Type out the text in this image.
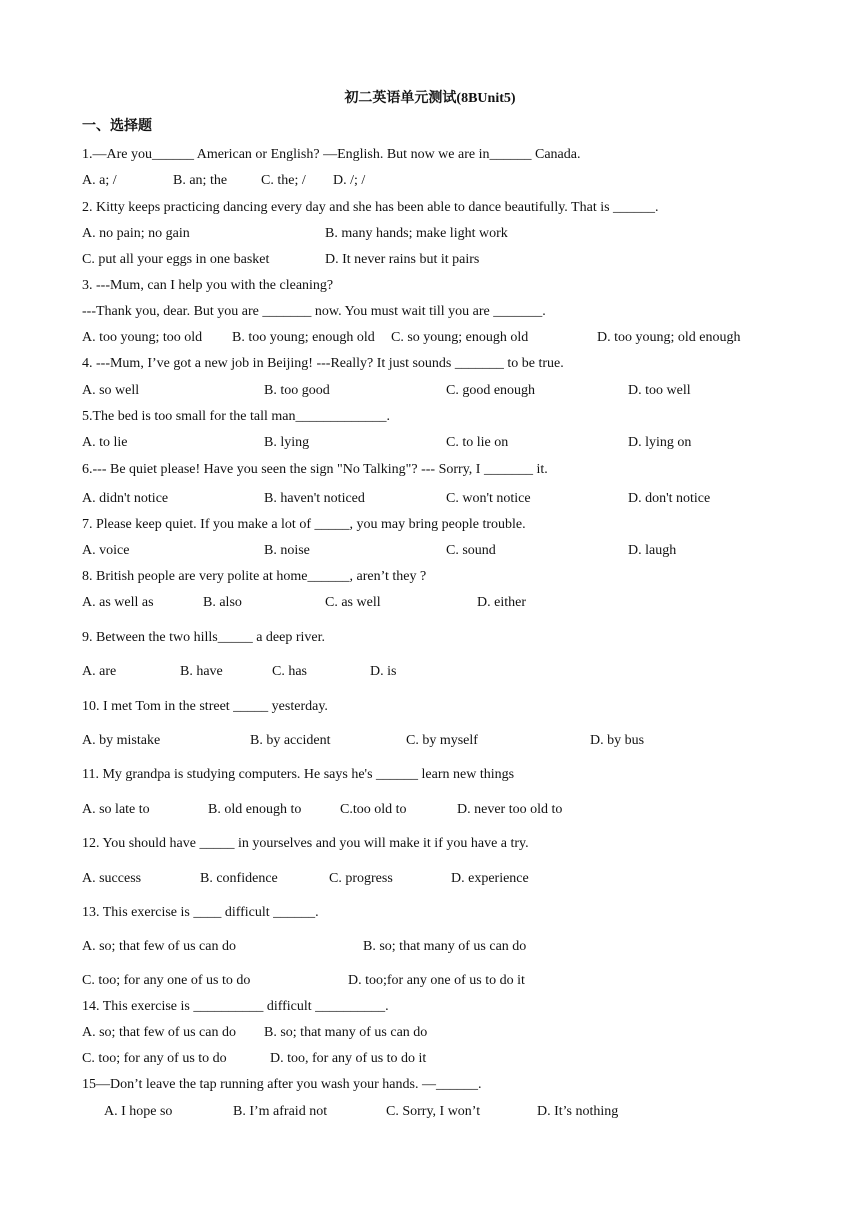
初二英语单元测试(8BUnit5)
一、选择题
1.—Are you______ American or English? —English. But now we are in______ Canada.
A. a; /	B. an; the C. the; / D. /; /
2. Kitty keeps practicing dancing every day and she has been able to dance beautifully. That is ______.
A. no pain; no gain	B. many hands; make light work
C. put all your eggs in one basket	D. It never rains but it pairs
3. ---Mum, can I help you with the cleaning?
---Thank you, dear. But you are _______ now. You must wait till you are _______.
A. too young; too old B. too young; enough old C. so young; enough old	D. too young; old enough
4. ---Mum, I’ve got a new job in Beijing! ---Really? It just sounds _______ to be true.
A. so well	B. too good	C. good enough	D. too well
5.The bed is too small for the tall man_____________.
A. to lie	B. lying	C. to lie on	D. lying on
6.--- Be quiet please! Have you seen the sign "No Talking"? --- Sorry, I _______ it.
A. didn't notice	B. haven't noticed	C. won't notice	D. don't notice
7. Please keep quiet. If you make a lot of _____, you may bring people trouble.
A. voice	B. noise	C. sound	D. laugh
8. British people are very polite at home______, aren’t they ?
A. as well as	B. also	C. as well	D. either
9. Between the two hills_____ a deep river.
A. are	B. have	C. has	D. is
10. I met Tom in the street _____ yesterday.
A. by mistake	B. by accident	C. by myself	D. by bus
11. My grandpa is studying computers. He says he's ______ learn new things
A. so late to	B. old enough to	C.too old to	D. never too old to
12. You should have _____ in yourselves and you will make it if you have a try.
A. success	B. confidence	C. progress	D. experience
13. This exercise is ____ difficult ______.
A. so; that few of us can do	B. so; that many of us can do
C. too; for any one of us to do	D. too;for any one of us to do it
14. This exercise is __________ difficult __________.
A. so; that few of us can do B. so; that many of us can do
C. too; for any of us to do	D. too, for any of us to do it
15—Don’t leave the tap running after you wash your hands. —______.
A. I hope so	B. I’m afraid not	C. Sorry, I won’t	D. It’s nothing
